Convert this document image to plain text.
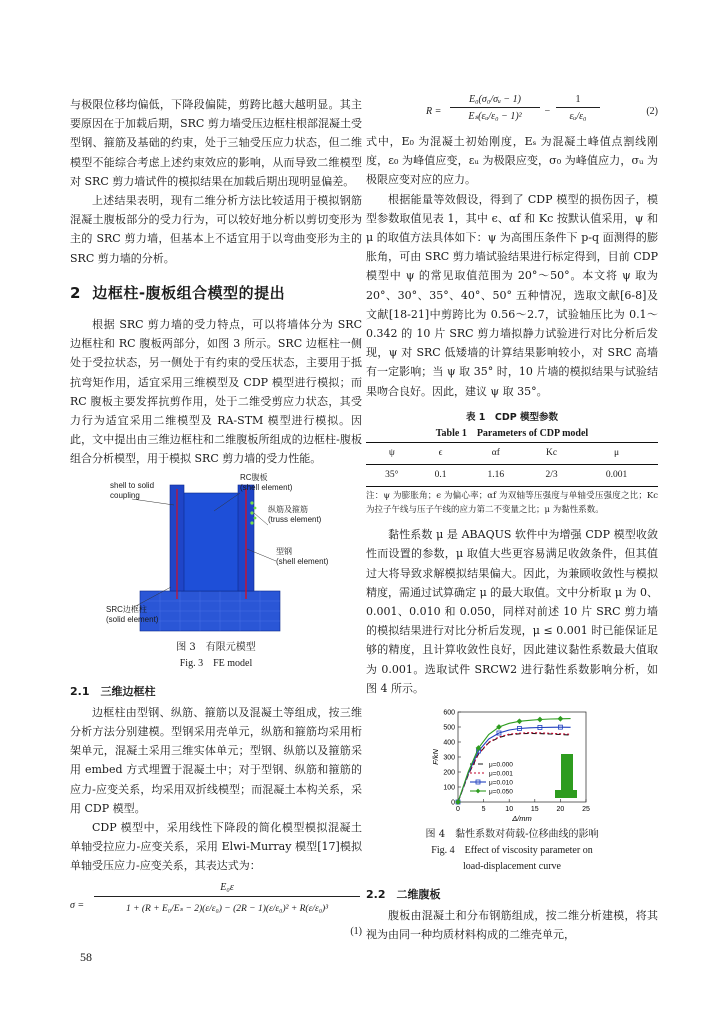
与极限位移均偏低，下降段偏陡，剪跨比越大越明显。其主要原因在于加载后期，SRC 剪力墙受压边框柱根部混凝土受型钢、箍筋及基础的约束，处于三轴受压应力状态，但二维模型不能综合考虑上述约束效应的影响，从而导致二维模型对 SRC 剪力墙试件的模拟结果在加载后期出现明显偏差。

上述结果表明，现有二维分析方法比较适用于模拟钢筋混凝土腹板部分的受力行为，可以较好地分析以剪切变形为主的 SRC 剪力墙，但基本上不适宜用于以弯曲变形为主的 SRC 剪力墙的分析。

2 边框柱-腹板组合模型的提出

根据 SRC 剪力墙的受力特点，可以将墙体分为 SRC 边框柱和 RC 腹板两部分，如图 3 所示。SRC 边框柱一侧处于受拉状态，另一侧处于有约束的受压状态，主要用于抵抗弯矩作用，适宜采用三维模型及 CDP 模型进行模拟；而 RC 腹板主要发挥抗剪作用，处于二维受剪应力状态，其受力行为适宜采用二维模型及 RA-STM 模型进行模拟。因此，文中提出由三维边框柱和二维腹板所组成的边框柱-腹板组合分析模型，用于模拟 SRC 剪力墙的受力性能。

shell to solid
coupling
RC腹板
(shell element)
纵筋及箍筋
(truss element)
型钢
(shell element)
SRC边框柱
(solid element)
图 3　有限元模型
Fig. 3　FE model
2.1　三维边框柱

边框柱由型钢、纵筋、箍筋以及混凝土等组成，按三维分析方法分别建模。型钢采用壳单元，纵筋和箍筋均采用桁架单元，混凝土采用三维实体单元；型钢、纵筋以及箍筋采用 embed 方式埋置于混凝土中；对于型钢、纵筋和箍筋的应力-应变关系，均采用双折线模型；而混凝土本构关系，采用 CDP 模型。

CDP 模型中，采用线性下降段的简化模型模拟混凝土单轴受拉应力-应变关系，采用 Elwi-Murray 模型[17]模拟单轴受压应力-应变关系，其表达式为：

σ =
E₀ε
1 + (R + E₀/Eₛ − 2)(ε/ε₀) − (2R − 1)(ε/ε₀)² + R(ε/ε₀)³
(1)
R =
E₀(σ₀/σᵤ − 1)
Eₛ(εᵤ/ε₀ − 1)²	−
1
εᵤ/ε₀	(2)

式中，E₀ 为混凝土初始刚度，Eₛ 为混凝土峰值点割线刚度，ε₀ 为峰值应变，εᵤ 为极限应变，σ₀ 为峰值应力，σᵤ 为极限应变对应的应力。

根据能量等效假设，得到了 CDP 模型的损伤因子，模型参数取值见表 1，其中 ϵ、αf 和 Kc 按默认值采用，ψ 和 μ 的取值方法具体如下：ψ 为高围压条件下 p-q 面测得的膨胀角，可由 SRC 剪力墙试验结果进行标定得到，目前 CDP 模型中 ψ 的常见取值范围为 20°～50°。本文将 ψ 取为 20°、30°、35°、40°、50° 五种情况，选取文献[6-8]及文献[18-21]中剪跨比为 0.56～2.7，试验轴压比为 0.1～0.342 的 10 片 SRC 剪力墙拟静力试验进行对比分析后发现，ψ 对 SRC 低矮墙的计算结果影响较小，对 SRC 高墙有一定影响；当 ψ 取 35° 时，10 片墙的模拟结果与试验结果吻合良好。因此，建议 ψ 取 35°。

表 1　CDP 模型参数
Table 1　Parameters of CDP model
ψ	ϵ	αf	Kc	μ
35°	0.1	1.16	2/3	0.001
注：ψ 为膨胀角；ϵ 为偏心率；αf 为双轴等压强度与单轴受压强度之比；Kc 为拉子午线与压子午线的应力第二不变量之比；μ 为黏性系数。

黏性系数 μ 是 ABAQUS 软件中为增强 CDP 模型收敛性而设置的参数，μ 取值大些更容易满足收敛条件，但其值过大将导致求解模拟结果偏大。因此，为兼顾收敛性与模拟精度，需通过试算确定 μ 的最大取值。文中分析取 μ 为 0、0.001、0.010 和 0.050，同样对前述 10 片 SRC 剪力墙的模拟结果进行对比分析后发现，μ ≤ 0.001 时已能保证足够的精度，且计算收敛性良好，因此建议黏性系数最大值取为 0.001。选取试件 SRCW2 进行黏性系数影响分析，如图 4 所示。

0	5	10	15	20	25
0
100
200
300
400
500
600
Δ/mm
F/kN
μ=0.000
μ=0.001
μ=0.010
μ=0.050
图 4　黏性系数对荷载-位移曲线的影响
Fig. 4　Effect of viscosity parameter on
load-displacement curve
2.2　二维腹板

腹板由混凝土和分布钢筋组成，按二维分析建模，将其视为由同一种均质材料构成的二维壳单元，

58
